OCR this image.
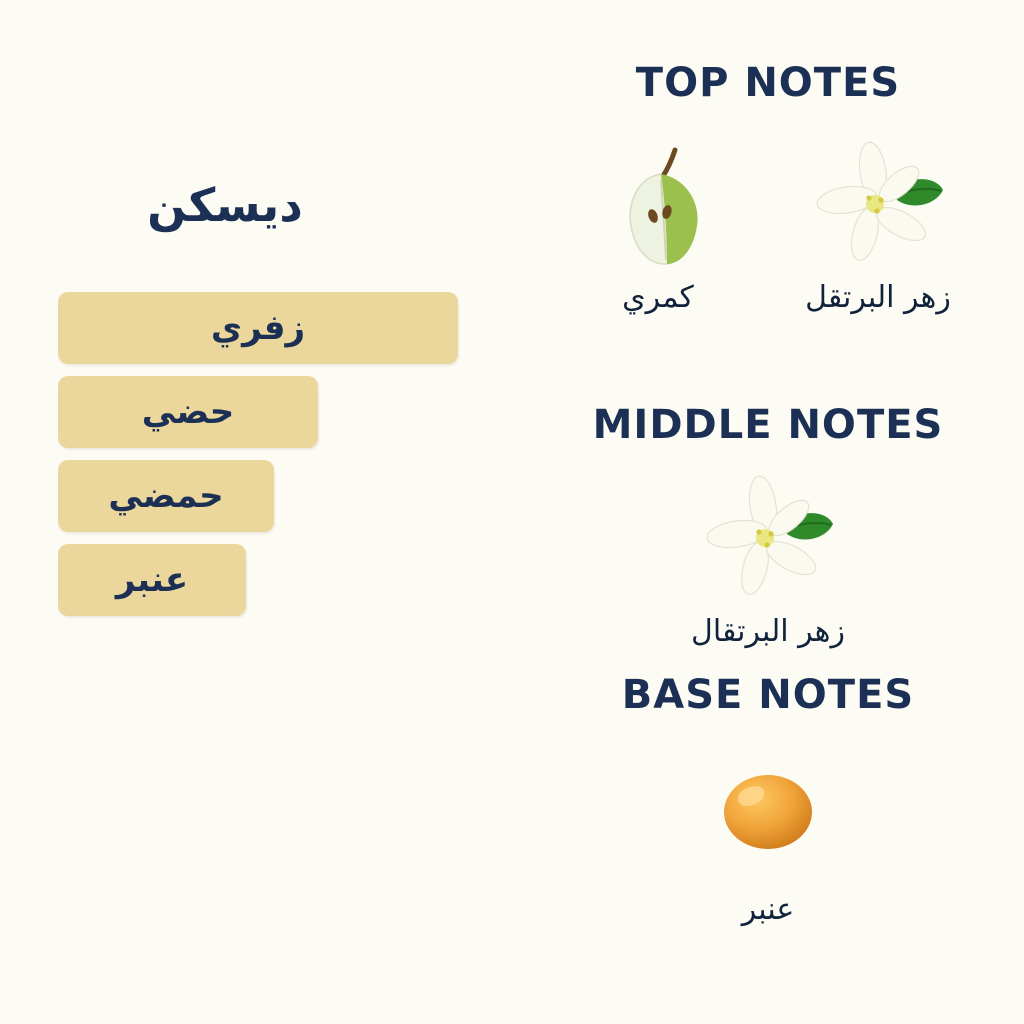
ديسكن
زفري
حضي
حمضي
عنبر
TOP NOTES
كمري	زهر البرتقل
MIDDLE NOTES
زهر البرتقال
BASE NOTES
عنبر
